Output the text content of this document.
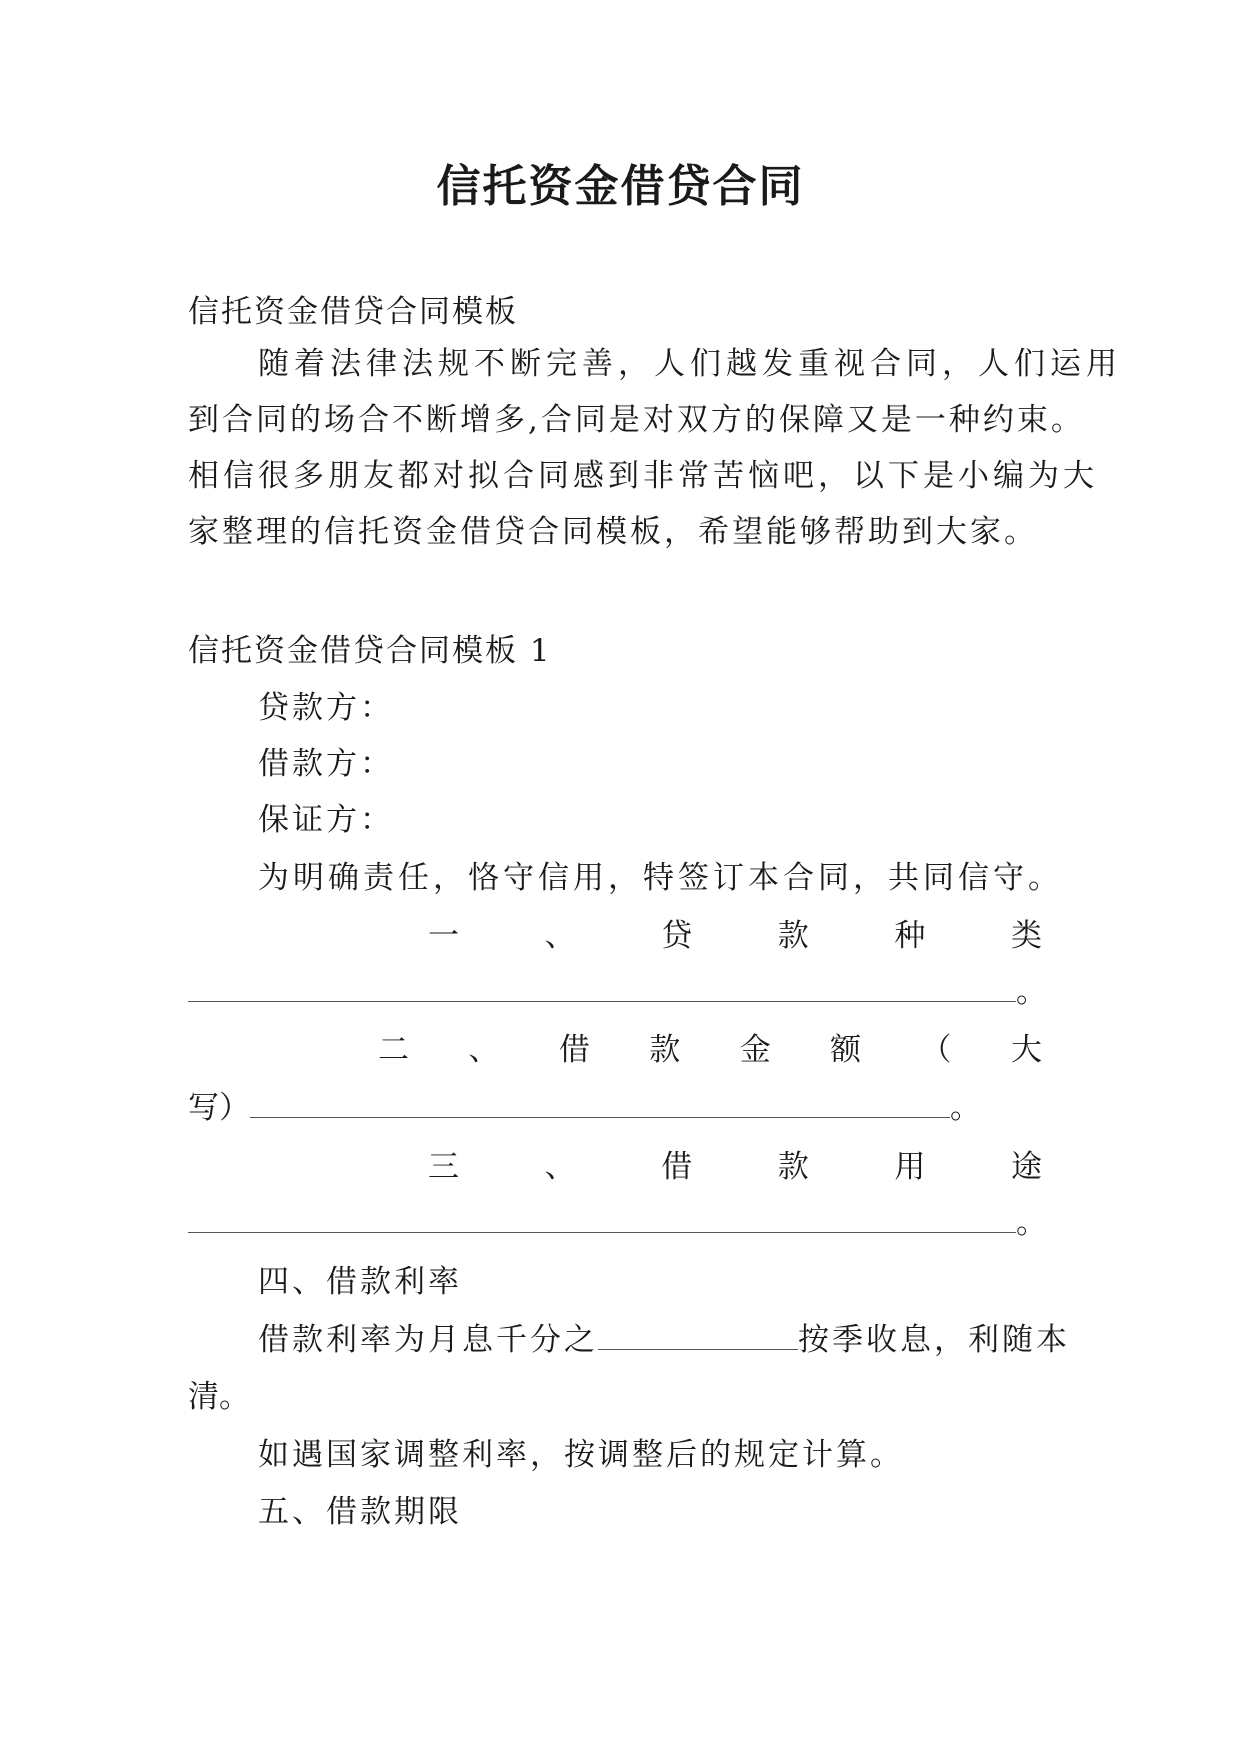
信托资金借贷合同
信托资金借贷合同模板
随着法律法规不断完善，人们越发重视合同，人们运用
到合同的场合不断增多,合同是对双方的保障又是一种约束。
相信很多朋友都对拟合同感到非常苦恼吧，以下是小编为大
家整理的信托资金借贷合同模板，希望能够帮助到大家。
信托资金借贷合同模板 1
贷款方：
借款方：
保证方：
为明确责任，恪守信用，特签订本合同，共同信守。
一	、	贷	款	种	类
。
二 、 借 款 金 额 （ 大
写）	。
三	、	借	款	用	途
。
四、借款利率
借款利率为月息千分之	按季收息，利随本
清。
如遇国家调整利率，按调整后的规定计算。
五、借款期限
